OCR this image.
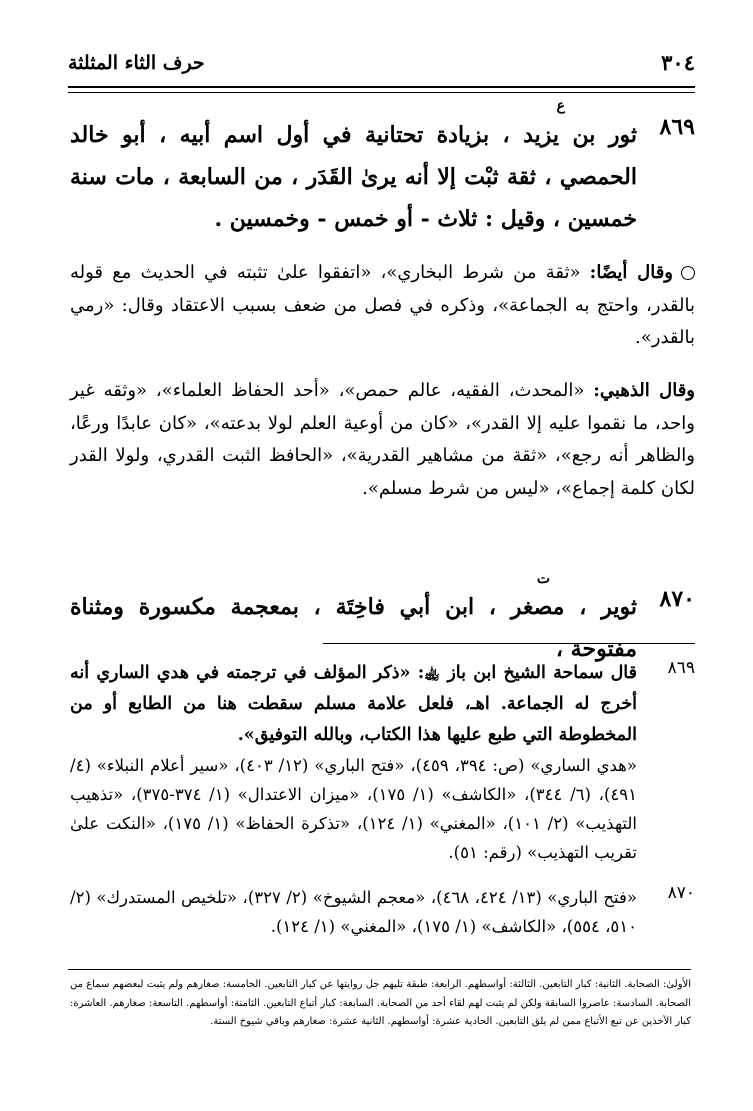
٣٠٤
حرف الثاء المثلثة
ع
٨٦٩
ثور بن يزيد ، بزيادة تحتانية في أول اسم أبيه ، أبو خالد الحمصي ، ثقة ثبْت إلا أنه يرىٰ القَدَر ، من السابعة ، مات سنة خمسين ، وقيل : ثلاث - أو خمس - وخمسين .
وقال أيضًا: «ثقة من شرط البخاري»، «اتفقوا علىٰ تثبته في الحديث مع قوله بالقدر، واحتج به الجماعة»، وذكره في فصل من ضعف بسبب الاعتقاد وقال: «رمي بالقدر».
وقال الذهبي: «المحدث، الفقيه، عالم حمص»، «أحد الحفاظ العلماء»، «وثقه غير واحد، ما نقموا عليه إلا القدر»، «كان من أوعية العلم لولا بدعته»، «كان عابدًا ورعًا، والظاهر أنه رجع»، «ثقة من مشاهير القدرية»، «الحافظ الثبت القدري، ولولا القدر لكان كلمة إجماع»، «ليس من شرط مسلم».
ت
٨٧٠
ثوير ، مصغر ، ابن أبي فاخِتَة ، بمعجمة مكسورة ومثناة مفتوحة ،
٨٦٩
قال سماحة الشيخ ابن باز ﵀: «ذكر المؤلف في ترجمته في هدي الساري أنه أخرج له الجماعة. اهـ، فلعل علامة مسلم سقطت هنا من الطابع أو من المخطوطة التي طبع عليها هذا الكتاب، وبالله التوفيق».
«هدي الساري» (ص: ٣٩٤، ٤٥٩)، «فتح الباري» (١٢/ ٤٠٣)، «سير أعلام النبلاء» (٤/ ٤٩١)، (٦/ ٣٤٤)، «الكاشف» (١/ ١٧٥)، «ميزان الاعتدال» (١/ ٣٧٤-٣٧٥)، «تذهيب التهذيب» (٢/ ١٠١)، «المغني» (١/ ١٢٤)، «تذكرة الحفاظ» (١/ ١٧٥)، «النكت علىٰ تقريب التهذيب» (رقم: ٥١).
٨٧٠
«فتح الباري» (١٣/ ٤٢٤، ٤٦٨)، «معجم الشيوخ» (٢/ ٣٢٧)، «تلخيص المستدرك» (٢/ ٥١٠، ٥٥٤)، «الكاشف» (١/ ١٧٥)، «المغني» (١/ ١٢٤).
الأولىٰ: الصحابة. الثانية: كبار التابعين. الثالثة: أواسطهم. الرابعة: طبقة تليهم جل روايتها عن كبار التابعين. الخامسة: صغارهم ولم يثبت لبعضهم سماع من الصحابة. السادسة: عاصروا السابقة ولكن لم يثبت لهم لقاء أحد من الصحابة. السابعة: كبار أتباع التابعين. الثامنة: أواسطهم. التاسعة: صغارهم. العاشرة: كبار الآخذين عن تبع الأتباع ممن لم يلق التابعين. الحادية عشرة: أواسطهم. الثانية عشرة: صغارهم وباقي شيوخ الستة.
